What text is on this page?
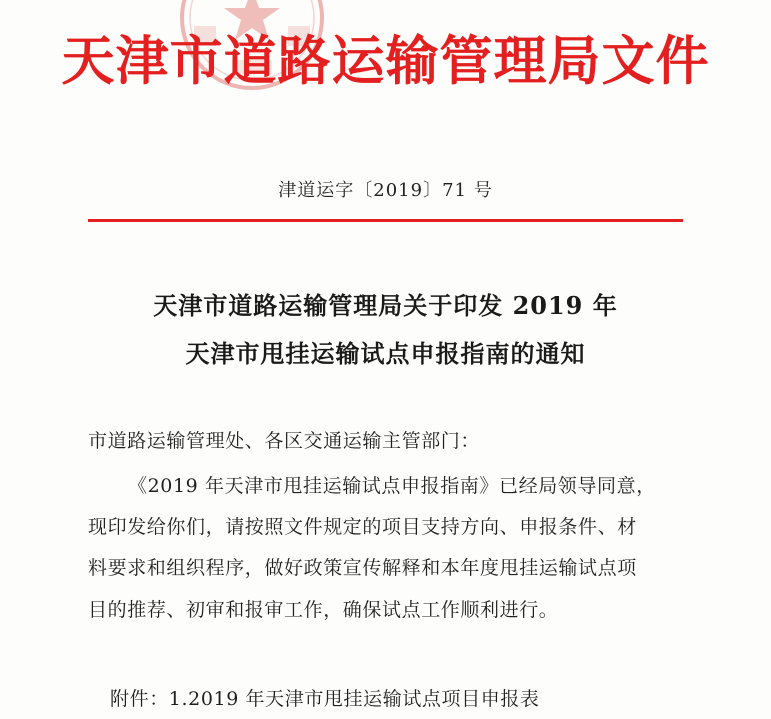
天津市道路运输管理局文件
津道运字〔2019〕71 号
天津市道路运输管理局关于印发 2019 年
天津市甩挂运输试点申报指南的通知
市道路运输管理处、各区交通运输主管部门：
《2019 年天津市甩挂运输试点申报指南》已经局领导同意，
现印发给你们，请按照文件规定的项目支持方向、申报条件、材
料要求和组织程序，做好政策宣传解释和本年度甩挂运输试点项
目的推荐、初审和报审工作，确保试点工作顺利进行。
附件：1.2019 年天津市甩挂运输试点项目申报表
